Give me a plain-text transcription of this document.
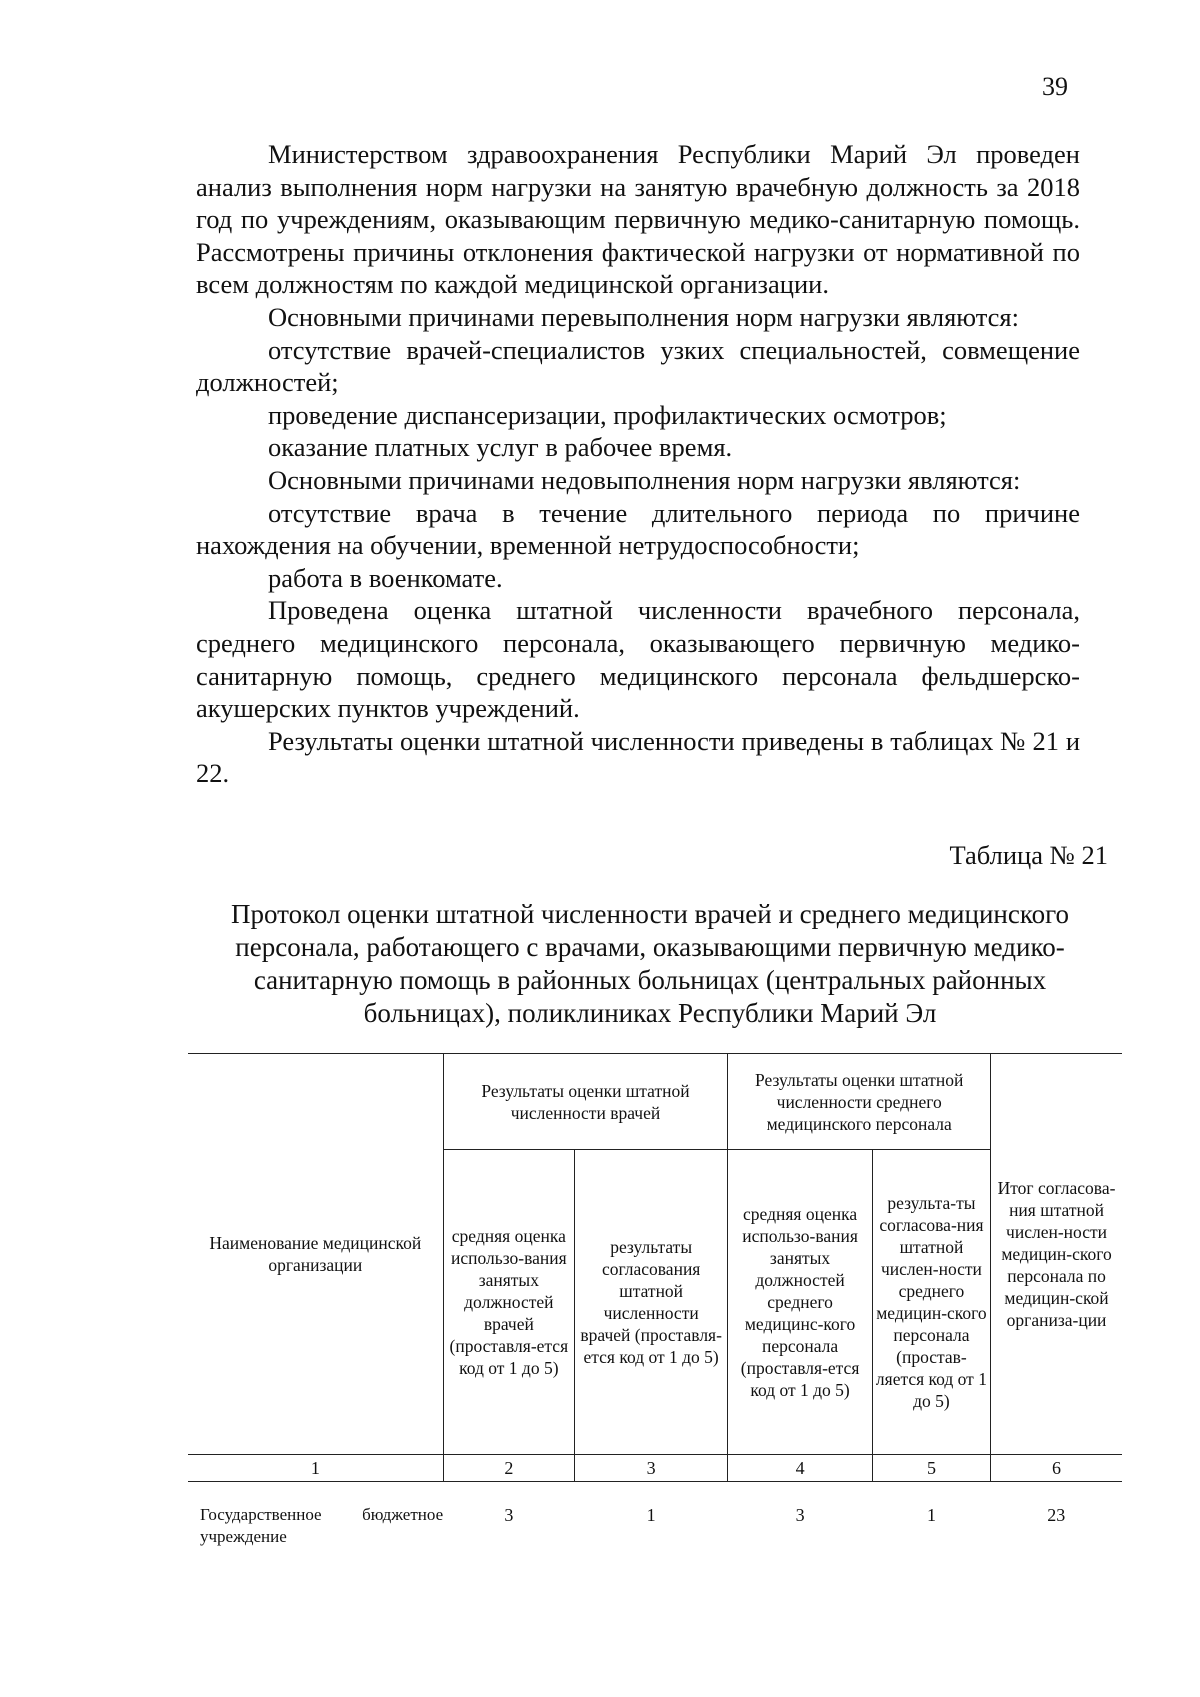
39

Министерством здравоохранения Республики Марий Эл проведен анализ выполнения норм нагрузки на занятую врачебную должность за 2018 год по учреждениям, оказывающим первичную медико-санитарную помощь. Рассмотрены причины отклонения фактической нагрузки от нормативной по всем должностям по каждой медицинской организации.

Основными причинами перевыполнения норм нагрузки являются:

отсутствие врачей-специалистов узких специальностей, совмещение должностей;

проведение диспансеризации, профилактических осмотров;

оказание платных услуг в рабочее время.

Основными причинами недовыполнения норм нагрузки являются:

отсутствие врача в течение длительного периода по причине нахождения на обучении, временной нетрудоспособности;

работа в военкомате.

Проведена оценка штатной численности врачебного персонала, среднего медицинского персонала, оказывающего первичную медико-санитарную помощь, среднего медицинского персонала фельдшерско-акушерских пунктов учреждений.

Результаты оценки штатной численности приведены в таблицах № 21 и 22.

Таблица № 21
Протокол оценки штатной численности врачей и среднего медицинского персонала, работающего с врачами, оказывающими первичную медико-санитарную помощь в районных больницах (центральных районных больницах), поликлиниках Республики Марий Эл
Наименование медицинской организации	Результаты оценки штатной численности врачей		Результаты оценки штатной численности среднего медицинского персонала		Итог согласова-ния штатной числен-ности медицин-ского персонала по медицин-ской организа-ции
	средняя оценка использо-вания занятых должностей врачей (проставля-ется код от 1 до 5)	результаты согласования штатной численности врачей (проставля-ется код от 1 до 5)	средняя оценка использо-вания занятых должностей среднего медицинс-кого персонала (проставля-ется код от 1 до 5)	результа-ты согласова-ния штатной числен-ности среднего медицин-ского персонала (простав-ляется код от 1 до 5)	
1	2	3	4	5	6
Государственное бюджетное учреждение	3	1	3	1	23
